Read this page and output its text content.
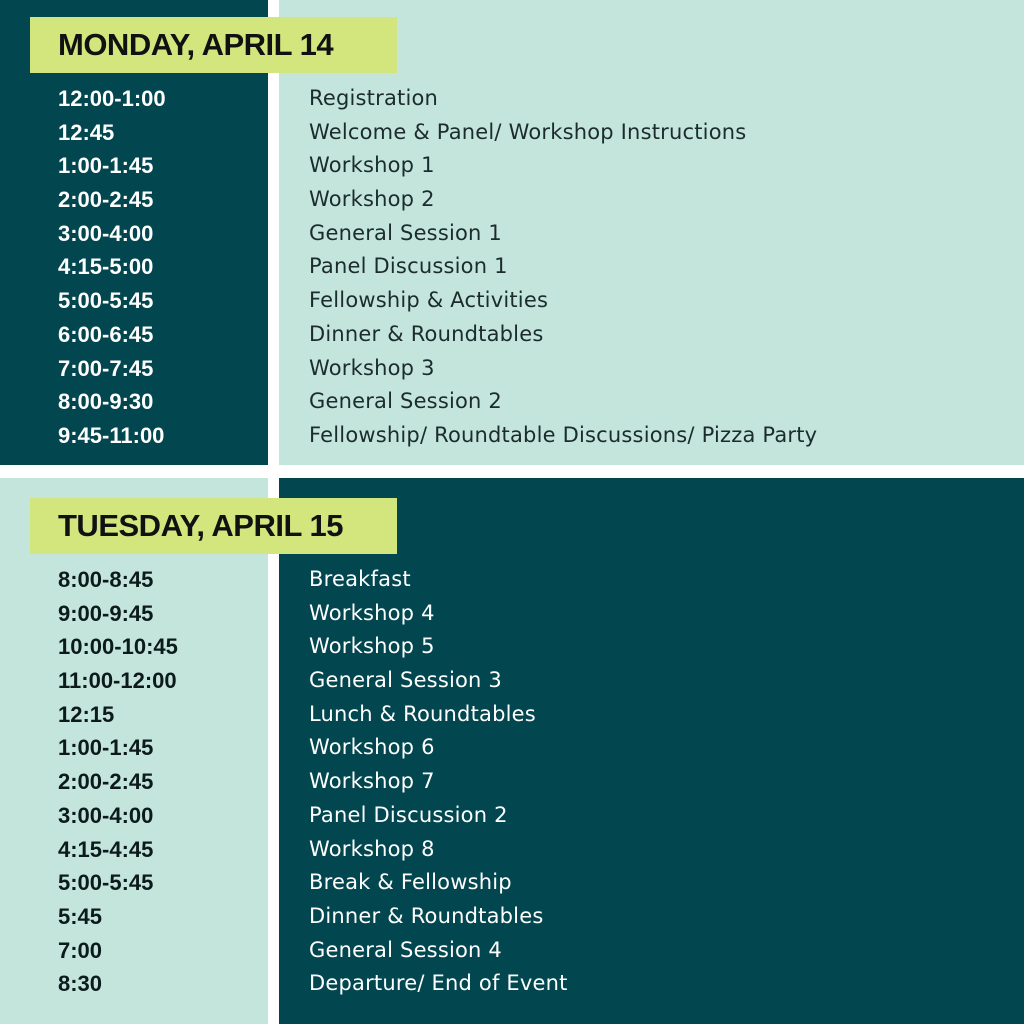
MONDAY, APRIL 14
12:00-1:00	Registration
12:45	Welcome & Panel/ Workshop Instructions
1:00-1:45	Workshop 1
2:00-2:45	Workshop 2
3:00-4:00	General Session 1
4:15-5:00	Panel Discussion 1
5:00-5:45	Fellowship & Activities
6:00-6:45	Dinner & Roundtables
7:00-7:45	Workshop 3
8:00-9:30	General Session 2
9:45-11:00	Fellowship/ Roundtable Discussions/ Pizza Party
TUESDAY, APRIL 15
8:00-8:45	Breakfast
9:00-9:45	Workshop 4
10:00-10:45	Workshop 5
11:00-12:00	General Session 3
12:15	Lunch & Roundtables
1:00-1:45	Workshop 6
2:00-2:45	Workshop 7
3:00-4:00	Panel Discussion 2
4:15-4:45	Workshop 8
5:00-5:45	Break & Fellowship
5:45	Dinner & Roundtables
7:00	General Session 4
8:30	Departure/ End of Event
